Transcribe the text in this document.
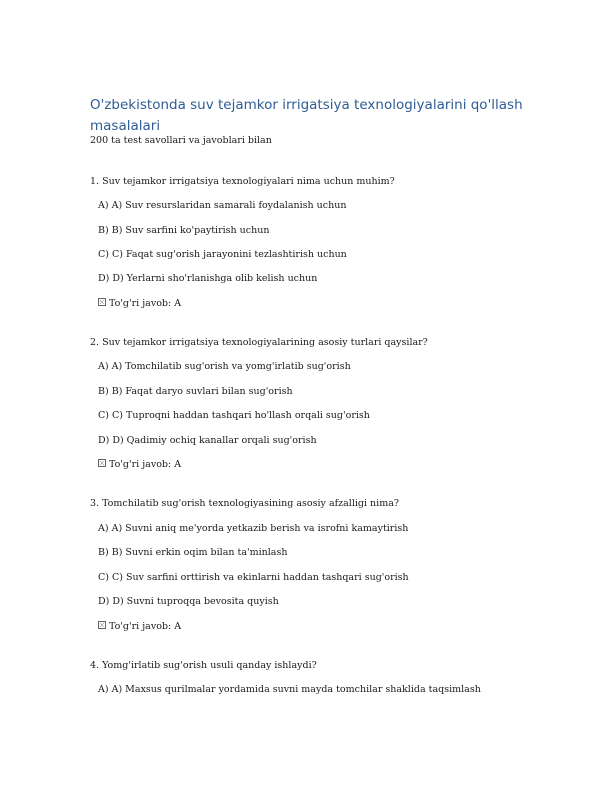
O'zbekistonda suv tejamkor irrigatsiya texnologiyalarini qo'llash masalalari
200 ta test savollari va javoblari bilan
1. Suv tejamkor irrigatsiya texnologiyalari nima uchun muhim?
A) A) Suv resurslaridan samarali foydalanish uchun
B) B) Suv sarfini ko'paytirish uchun
C) C) Faqat sug'orish jarayonini tezlashtirish uchun
D) D) Yerlarni sho'rlanishga olib kelish uchun
To'g'ri javob: A
2. Suv tejamkor irrigatsiya texnologiyalarining asosiy turlari qaysilar?
A) A) Tomchilatib sug'orish va yomg'irlatib sug'orish
B) B) Faqat daryo suvlari bilan sug'orish
C) C) Tuproqni haddan tashqari ho'llash orqali sug'orish
D) D) Qadimiy ochiq kanallar orqali sug'orish
To'g'ri javob: A
3. Tomchilatib sug'orish texnologiyasining asosiy afzalligi nima?
A) A) Suvni aniq me'yorda yetkazib berish va isrofni kamaytirish
B) B) Suvni erkin oqim bilan ta'minlash
C) C) Suv sarfini orttirish va ekinlarni haddan tashqari sug'orish
D) D) Suvni tuproqqa bevosita quyish
To'g'ri javob: A
4. Yomg'irlatib sug'orish usuli qanday ishlaydi?
A) A) Maxsus qurilmalar yordamida suvni mayda tomchilar shaklida taqsimlash
